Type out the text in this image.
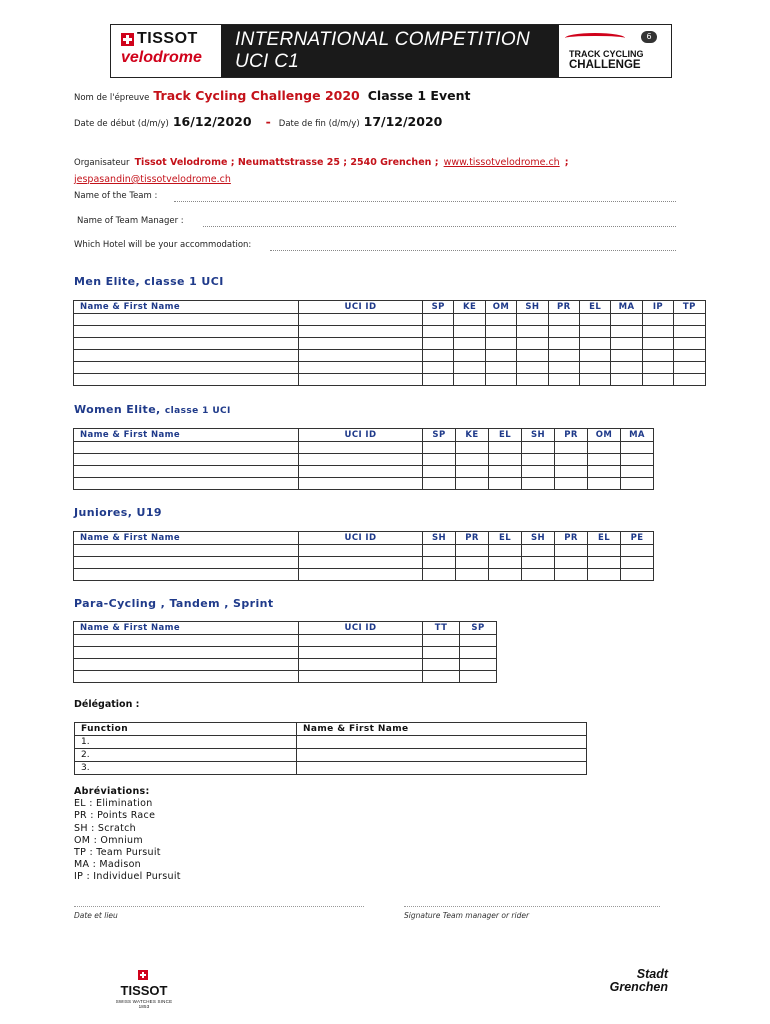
TISSOT
velodrome
INTERNATIONAL COMPETITION UCI C1
6
TRACK CYCLING
CHALLENGE
Nom de l'épreuve Track Cycling Challenge 2020 Classe 1 Event
Date de début (d/m/y) 16/12/2020 - Date de fin (d/m/y) 17/12/2020
Organisateur Tissot Velodrome ; Neumattstrasse 25 ; 2540 Grenchen ; www.tissotvelodrome.ch ;
jespasandin@tissotvelodrome.ch
Name of the Team :
Name of Team Manager :
Which Hotel will be your accommodation:
Men Elite, classe 1 UCI
Name & First Name	UCI ID	SP	KE	OM	SH	PR	EL	MA	IP	TP

Women Elite, classe 1 UCI
Name & First Name	UCI ID	SP	KE	EL	SH	PR	OM	MA

Juniores, U19
Name & First Name	UCI ID	SH	PR	EL	SH	PR	EL	PE

Para-Cycling , Tandem , Sprint
Name & First Name	UCI ID	TT	SP

Délégation :
Function	Name & First Name
1.	
2.	
3.	
Abréviations:
EL : Elimination
PR : Points Race
SH : Scratch
OM : Omnium
TP : Team Pursuit
MA : Madison
IP : Individuel Pursuit
Date et lieu	Signature Team manager or rider
TISSOT
SWISS WATCHES SINCE 1853
Stadt
Grenchen
